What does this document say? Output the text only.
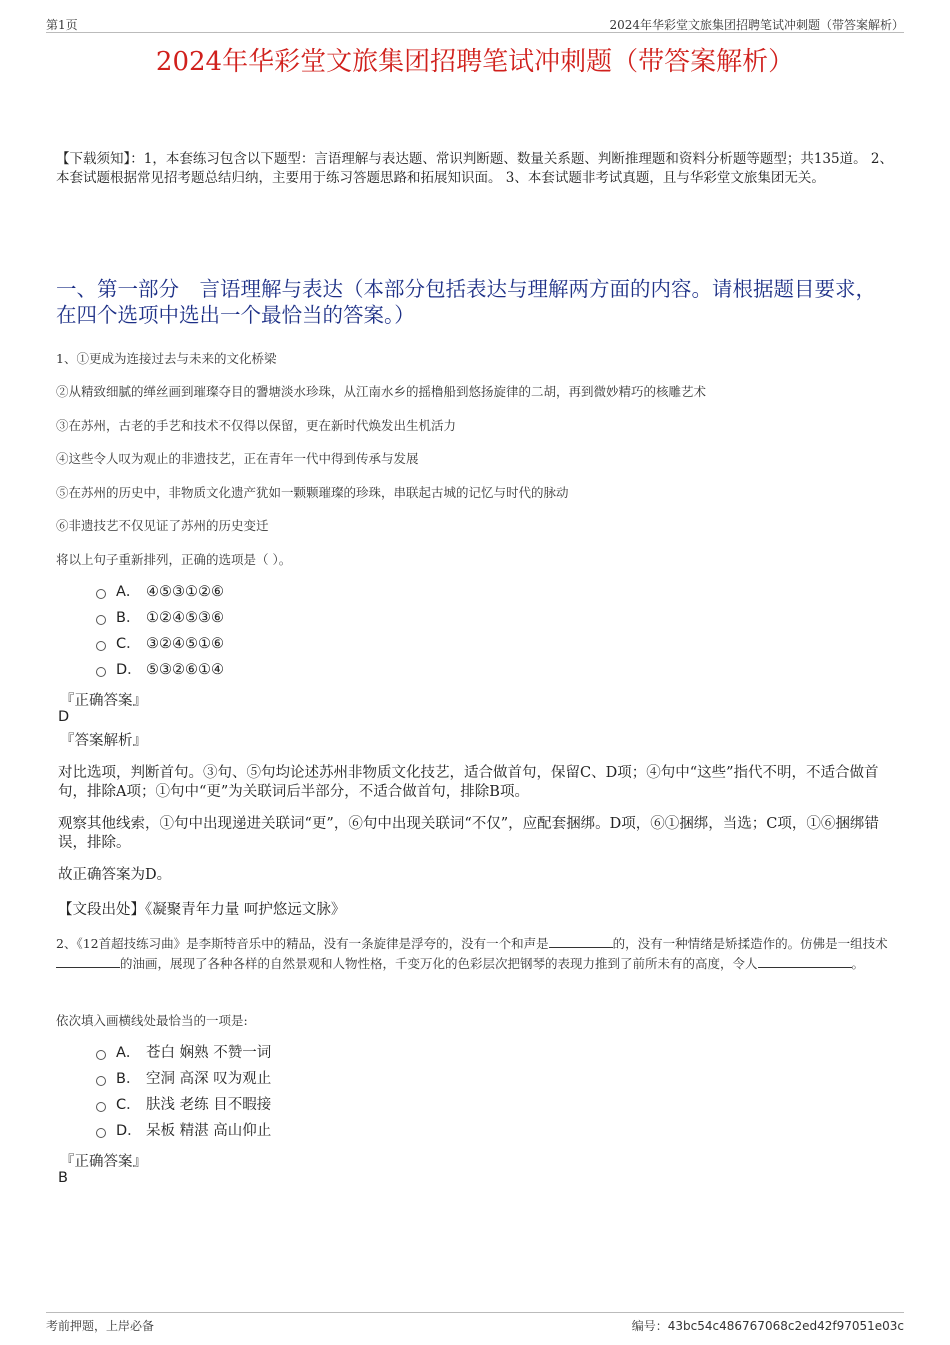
第1页	2024年华彩堂文旅集团招聘笔试冲刺题（带答案解析）
2024年华彩堂文旅集团招聘笔试冲刺题（带答案解析）
【下载须知】：1，本套练习包含以下题型：言语理解与表达题、常识判断题、数量关系题、判断推理题和资料分析题等题型；共135道。 2、本套试题根据常见招考题总结归纳，主要用于练习答题思路和拓展知识面。 3、本套试题非考试真题，且与华彩堂文旅集团无关。
一、第一部分　言语理解与表达（本部分包括表达与理解两方面的内容。请根据题目要求，在四个选项中选出一个最恰当的答案。）
1、①更成为连接过去与未来的文化桥梁
②从精致细腻的缂丝画到璀璨夺目的謽塘淡水珍珠，从江南水乡的摇橹船到悠扬旋律的二胡，再到微妙精巧的核雕艺术
③在苏州，古老的手艺和技术不仅得以保留，更在新时代焕发出生机活力
④这些令人叹为观止的非遗技艺，正在青年一代中得到传承与发展
⑤在苏州的历史中，非物质文化遗产犹如一颗颗璀璨的珍珠，串联起古城的记忆与时代的脉动
⑥非遗技艺不仅见证了苏州的历史变迁
将以上句子重新排列，正确的选项是（ ）。
A． ④⑤③①②⑥
B． ①②④⑤③⑥
C． ③②④⑤①⑥
D． ⑤③②⑥①④
『正确答案』
D
『答案解析』
对比选项，判断首句。③句、⑤句均论述苏州非物质文化技艺，适合做首句，保留C、D项；④句中“这些”指代不明，不适合做首句，排除A项；①句中“更”为关联词后半部分，不适合做首句，排除B项。
观察其他线索，①句中出现递进关联词“更”，⑥句中出现关联词“不仅”，应配套捆绑。D项，⑥①捆绑，当选；C项，①⑥捆绑错误，排除。
故正确答案为D。
【文段出处】《凝聚青年力量 呵护悠远文脉》
2、《12首超技练习曲》是李斯特音乐中的精品，没有一条旋律是浮夸的，没有一个和声是	的，没有一种情绪是矫揉造作的。仿佛是一组技术的油画，展现了各种各样的自然景观和人物性格，千变万化的色彩层次把钢琴的表现力推到了前所未有的高度，令人	。
依次填入画横线处最恰当的一项是:
A． 苍白 娴熟 不赞一词
B． 空洞 高深 叹为观止
C． 肤浅 老练 目不暇接
D． 呆板 精湛 高山仰止
『正确答案』
B
考前押题，上岸必备	编号：43bc54c486767068c2ed42f97051e03c
